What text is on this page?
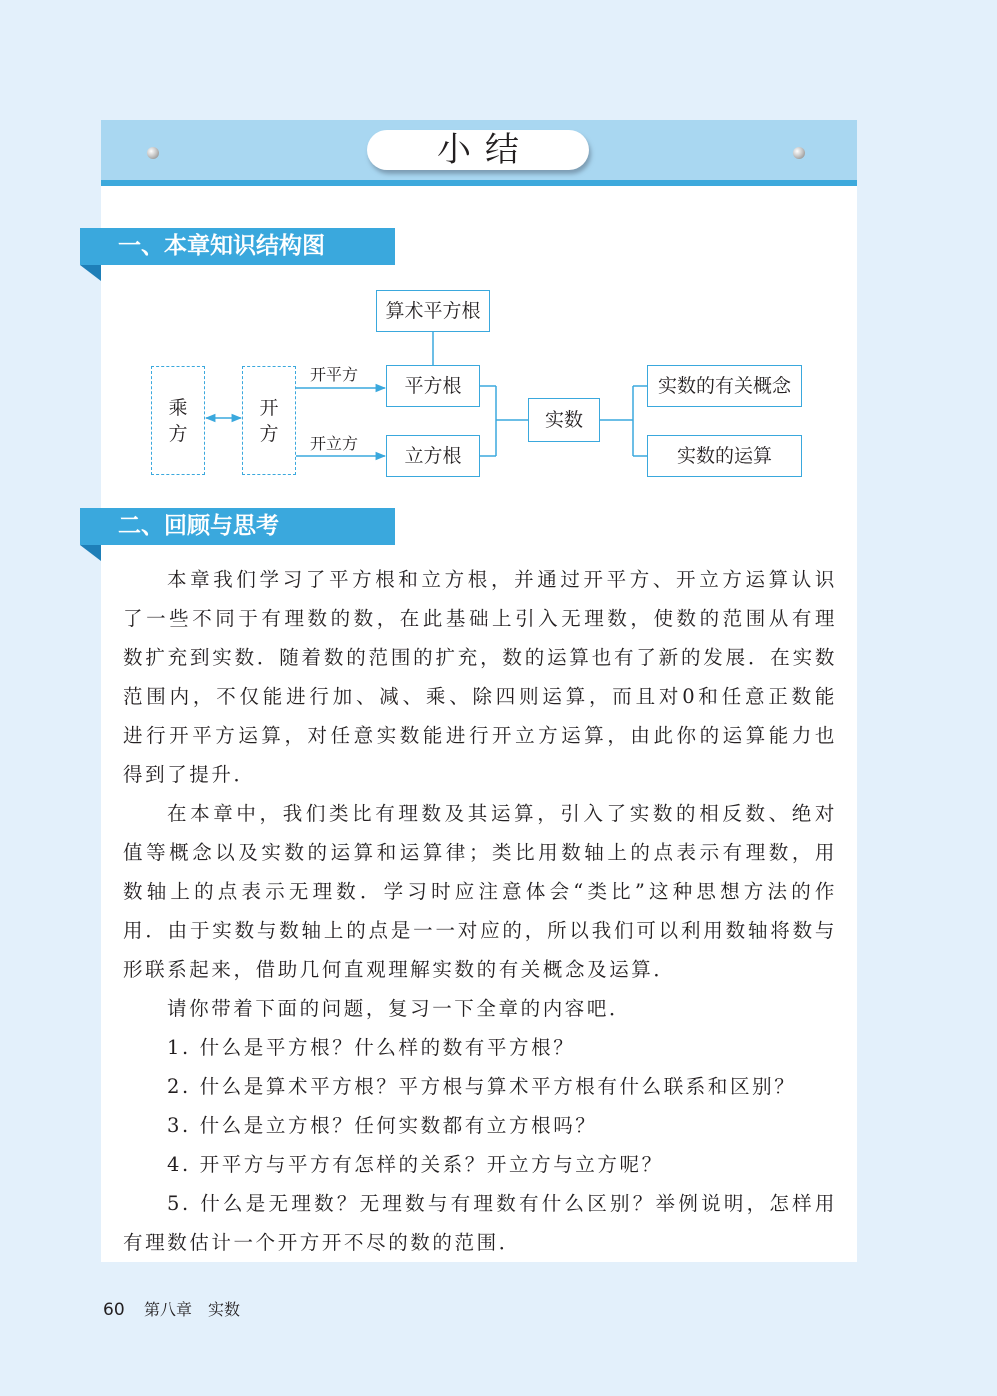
小结
一、本章知识结构图
乘
方
开
方
开平方
开立方
算术平方根
平方根
立方根
实数
实数的有关概念
实数的运算
二、回顾与思考
本章我们学习了平方根和立方根，并通过开平方、开立方运算认识
了一些不同于有理数的数，在此基础上引入无理数，使数的范围从有理
数扩充到实数．随着数的范围的扩充，数的运算也有了新的发展．在实数
范围内，不仅能进行加、减、乘、除四则运算，而且对0和任意正数能
进行开平方运算，对任意实数能进行开立方运算，由此你的运算能力也
得到了提升．
在本章中，我们类比有理数及其运算，引入了实数的相反数、绝对
值等概念以及实数的运算和运算律；类比用数轴上的点表示有理数，用
数轴上的点表示无理数．学习时应注意体会“类比”这种思想方法的作
用．由于实数与数轴上的点是一一对应的，所以我们可以利用数轴将数与
形联系起来，借助几何直观理解实数的有关概念及运算．
请你带着下面的问题，复习一下全章的内容吧．
1. 什么是平方根？什么样的数有平方根？
2. 什么是算术平方根？平方根与算术平方根有什么联系和区别？
3. 什么是立方根？任何实数都有立方根吗？
4. 开平方与平方有怎样的关系？开立方与立方呢？
5. 什么是无理数？无理数与有理数有什么区别？举例说明，怎样用
有理数估计一个开方开不尽的数的范围．
60 第八章　实数
